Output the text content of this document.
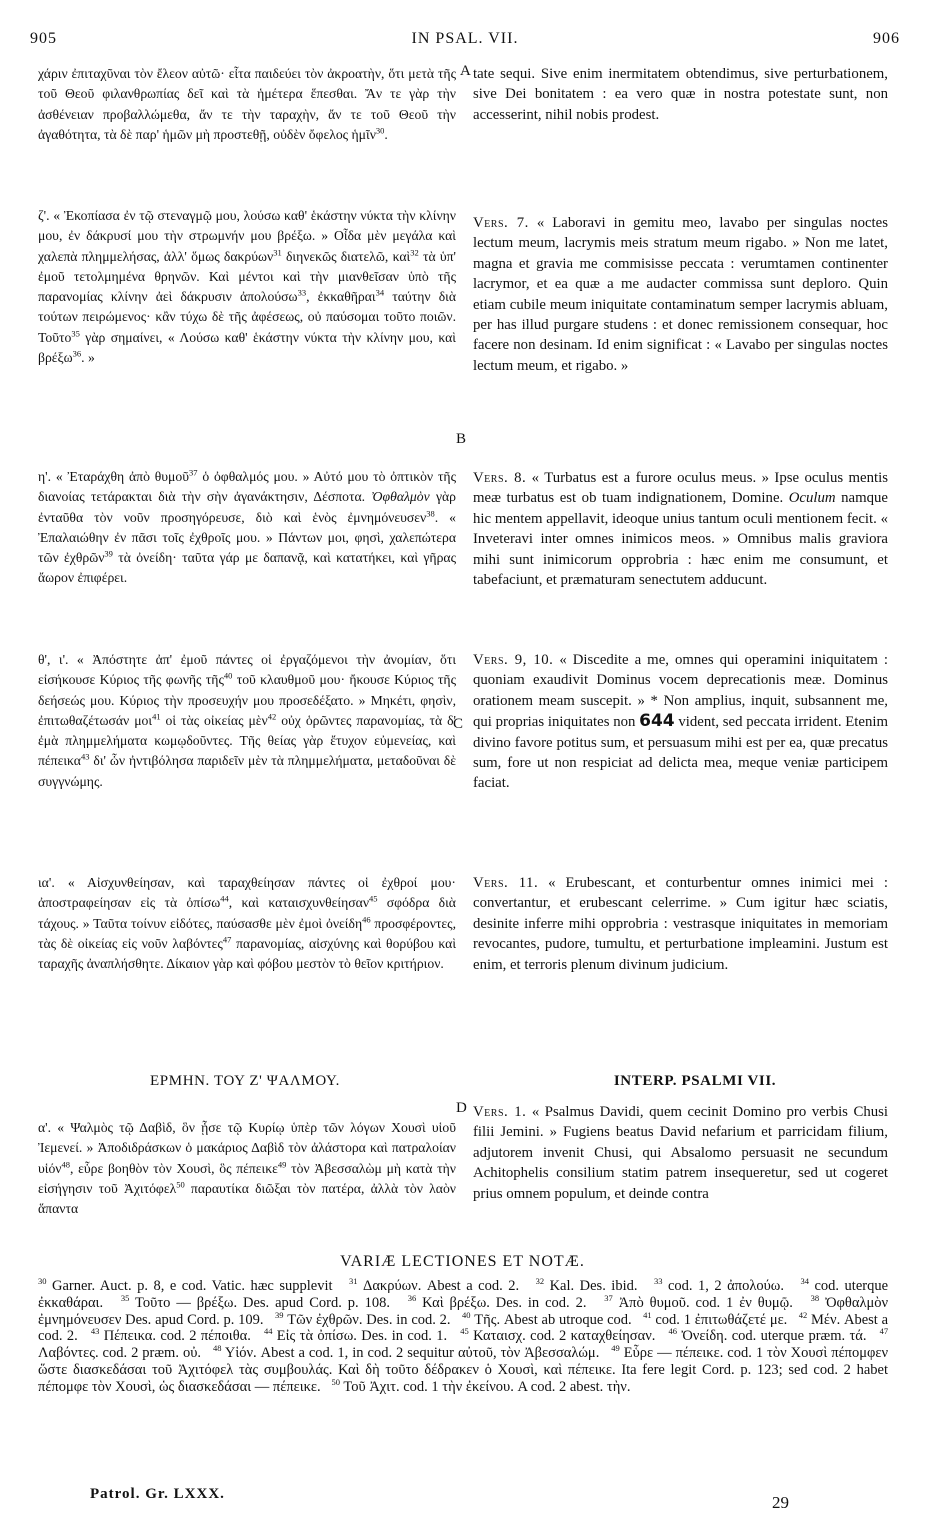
905	IN PSAL. VII.	906
A
B
C
D

χάριν ἐπιταχῦναι τὸν ἔλεον αὐτῶ· εἶτα παιδεύει τὸν ἀκροατὴν, ὅτι μετὰ τῆς τοῦ Θεοῦ φιλανθρωπίας δεῖ καὶ τὰ ἡμέτερα ἕπεσθαι. Ἄν τε γὰρ τὴν ἀσθένειαν προβαλλώμεθα, ἄν τε τὴν ταραχὴν, ἄν τε τοῦ Θεοῦ τὴν ἀγαθότητα, τὰ δὲ παρ' ἡμῶν μὴ προστεθῇ, οὐδὲν ὄφελος ἡμῖν$^{30}$.

ζ'. « Ἐκοπίασα ἐν τῷ στεναγμῷ μου, λούσω καθ' ἑκάστην νύκτα τὴν κλίνην μου, ἐν δάκρυσί μου τὴν στρωμνήν μου βρέξω. » Οἶδα μὲν μεγάλα καὶ χαλεπὰ πλημμελήσας, ἀλλ' ὅμως δακρύων$^{31}$ διηνεκῶς διατελῶ, καὶ$^{32}$ τὰ ὑπ' ἐμοῦ τετολμημένα θρηνῶν. Καὶ μέντοι καὶ τὴν μιανθεῖσαν ὑπὸ τῆς παρανομίας κλίνην ἀεὶ δάκρυσιν ἀπολούσω$^{33}$, ἐκκαθῆραι$^{34}$ ταύτην διὰ τούτων πειρώμενος· κἂν τύχω δὲ τῆς ἀφέσεως, οὐ παύσομαι τοῦτο ποιῶν. Τοῦτο$^{35}$ γὰρ σημαίνει, « Λούσω καθ' ἑκάστην νύκτα τὴν κλίνην μου, καὶ βρέξω$^{36}$. »

η'. « Ἐταράχθη ἀπὸ θυμοῦ$^{37}$ ὁ ὀφθαλμός μου. » Αὐτό μου τὸ ὀπτικὸν τῆς διανοίας τετάρακται διὰ τὴν σὴν ἀγανάκτησιν, Δέσποτα. Ὀφθαλμὸν γὰρ ἐνταῦθα τὸν νοῦν προσηγόρευσε, διὸ καὶ ἑνὸς ἐμνημόνευσεν$^{38}$. « Ἐπαλαιώθην ἐν πᾶσι τοῖς ἐχθροῖς μου. » Πάντων μοι, φησὶ, χαλεπώτερα τῶν ἐχθρῶν$^{39}$ τὰ ὀνείδη· ταῦτα γάρ με δαπανᾷ, καὶ κατατήκει, καὶ γῆρας ἄωρον ἐπιφέρει.

θ', ι'. « Ἀπόστητε ἀπ' ἐμοῦ πάντες οἱ ἐργαζόμενοι τὴν ἀνομίαν, ὅτι εἰσήκουσε Κύριος τῆς φωνῆς τῆς$^{40}$ τοῦ κλαυθμοῦ μου· ἤκουσε Κύριος τῆς δεήσεώς μου. Κύριος τὴν προσευχήν μου προσεδέξατο. » Μηκέτι, φησὶν, ἐπιτωθαζέτωσάν μοι$^{41}$ οἱ τὰς οἰκείας μὲν$^{42}$ οὐχ ὁρῶντες παρανομίας, τὰ δ' ἐμὰ πλημμελήματα κωμῳδοῦντες. Τῆς θείας γὰρ ἔτυχον εὐμενείας, καὶ πέπεικα$^{43}$ δι' ὧν ἠντιβόλησα παριδεῖν μὲν τὰ πλημμελήματα, μεταδοῦναι δὲ συγγνώμης.

ια'. « Αἰσχυνθείησαν, καὶ ταραχθείησαν πάντες οἱ ἐχθροί μου· ἀποστραφείησαν εἰς τὰ ὀπίσω$^{44}$, καὶ καταισχυνθείησαν$^{45}$ σφόδρα διὰ τάχους. » Ταῦτα τοίνυν εἰδότες, παύσασθε μὲν ἐμοὶ ὀνείδη$^{46}$ προσφέροντες, τὰς δὲ οἰκείας εἰς νοῦν λαβόντες$^{47}$ παρανομίας, αἰσχύνης καὶ θορύβου καὶ ταραχῆς ἀναπλήσθητε. Δίκαιον γὰρ καὶ φόβου μεστὸν τὸ θεῖον κριτήριον.

ΕΡΜΗΝ. ΤΟΥ Ζ' ΨΑΛΜΟΥ.

α'. « Ψαλμὸς τῷ Δαβὶδ, ὃν ᾖσε τῷ Κυρίῳ ὑπὲρ τῶν λόγων Χουσὶ υἱοῦ Ἰεμενεί. » Ἀποδιδράσκων ὁ μακάριος Δαβὶδ τὸν ἀλάστορα καὶ πατραλοίαν υἱόν$^{48}$, εὗρε βοηθὸν τὸν Χουσὶ, ὃς πέπεικε$^{49}$ τὸν Ἀβεσσαλὼμ μὴ κατὰ τὴν εἰσήγησιν τοῦ Ἀχιτόφελ$^{50}$ παραυτίκα διῶξαι τὸν πατέρα, ἀλλὰ τὸν λαὸν ἅπαντα

tate sequi. Sive enim inermitatem obtendimus, sive perturbationem, sive Dei bonitatem : ea vero quæ in nostra potestate sunt, non accesserint, nihil nobis prodest.

Vers. 7. « Laboravi in gemitu meo, lavabo per singulas noctes lectum meum, lacrymis meis stratum meum rigabo. » Non me latet, magna et gravia me commisisse peccata : verumtamen continenter lacrymor, et ea quæ a me audacter commissa sunt deploro. Quin etiam cubile meum iniquitate contaminatum semper lacrymis abluam, per has illud purgare studens : et donec remissionem consequar, hoc facere non desinam. Id enim significat : « Lavabo per singulas noctes lectum meum, et rigabo. »

Vers. 8. « Turbatus est a furore oculus meus. » Ipse oculus mentis meæ turbatus est ob tuam indignationem, Domine. Oculum namque hic mentem appellavit, ideoque unius tantum oculi mentionem fecit. « Inveteravi inter omnes inimicos meos. » Omnibus malis graviora mihi sunt inimicorum opprobria : hæc enim me consumunt, et tabefaciunt, et præmaturam senectutem adducunt.

Vers. 9, 10. « Discedite a me, omnes qui operamini iniquitatem : quoniam exaudivit Dominus vocem deprecationis meæ. Dominus orationem meam suscepit. » * Non amplius, inquit, subsannent me, qui proprias iniquitates non 644 vident, sed peccata irrident. Etenim divino favore potitus sum, et persuasum mihi est per ea, quæ precatus sum, fore ut non respiciat ad delicta mea, meque veniæ participem faciat.

Vers. 11. « Erubescant, et conturbentur omnes inimici mei : convertantur, et erubescant celerrime. » Cum igitur hæc sciatis, desinite inferre mihi opprobria : vestrasque iniquitates in memoriam revocantes, pudore, tumultu, et perturbatione impleamini. Justum est enim, et terroris plenum divinum judicium.

INTERP. PSALMI VII.

Vers. 1. « Psalmus Davidi, quem cecinit Domino pro verbis Chusi filii Jemini. » Fugiens beatus David nefarium et parricidam filium, adjutorem invenit Chusi, qui Absalomo persuasit ne secundum Achitophelis consilium statim patrem insequeretur, sed ut cogeret prius omnem populum, et deinde contra

VARIÆ LECTIONES ET NOTÆ.

$^{30}$ Garner. Auct. p. 8, e cod. Vatic. hæc supplevit $^{31}$ Δακρύων. Abest a cod. 2. $^{32}$ Kal. Des. ibid. $^{33}$ cod. 1, 2 ἀπολούω. $^{34}$ cod. uterque ἐκκαθάραι. $^{35}$ Τοῦτο — βρέξω. Des. apud Cord. p. 108. $^{36}$ Καὶ βρέξω. Des. in cod. 2. $^{37}$ Ἀπὸ θυμοῦ. cod. 1 ἐν θυμῷ. $^{38}$ Ὀφθαλμὸν ἐμνημόνευσεν Des. apud Cord. p. 109. $^{39}$ Τῶν ἐχθρῶν. Des. in cod. 2. $^{40}$ Τῆς. Abest ab utroque cod. $^{41}$ cod. 1 ἐπιτωθάζετέ με. $^{42}$ Μέν. Abest a cod. 2. $^{43}$ Πέπεικα. cod. 2 πέποιθα. $^{44}$ Εἰς τὰ ὀπίσω. Des. in cod. 1. $^{45}$ Καταισχ. cod. 2 καταχθείησαν. $^{46}$ Ὀνείδη. cod. uterque præm. τά. $^{47}$ Λαβόντες. cod. 2 præm. οὐ. $^{48}$ Υἱόν. Abest a cod. 1, in cod. 2 sequitur αὐτοῦ, τὸν Ἀβεσσαλώμ. $^{49}$ Εὗρε — πέπεικε. cod. 1 τὸν Χουσὶ πέπομφεν ὥστε διασκεδάσαι τοῦ Ἀχιτόφελ τὰς συμβουλάς. Καὶ δὴ τοῦτο δέδρακεν ὁ Χουσὶ, καὶ πέπεικε. Ita fere legit Cord. p. 123; sed cod. 2 habet πέπομφε τὸν Χουσὶ, ὡς διασκεδάσαι — πέπεικε. $^{50}$ Τοῦ Ἀχιτ. cod. 1 τὴν ἐκείνου. A cod. 2 abest. τὴν.

Patrol. Gr. LXXX.	29
